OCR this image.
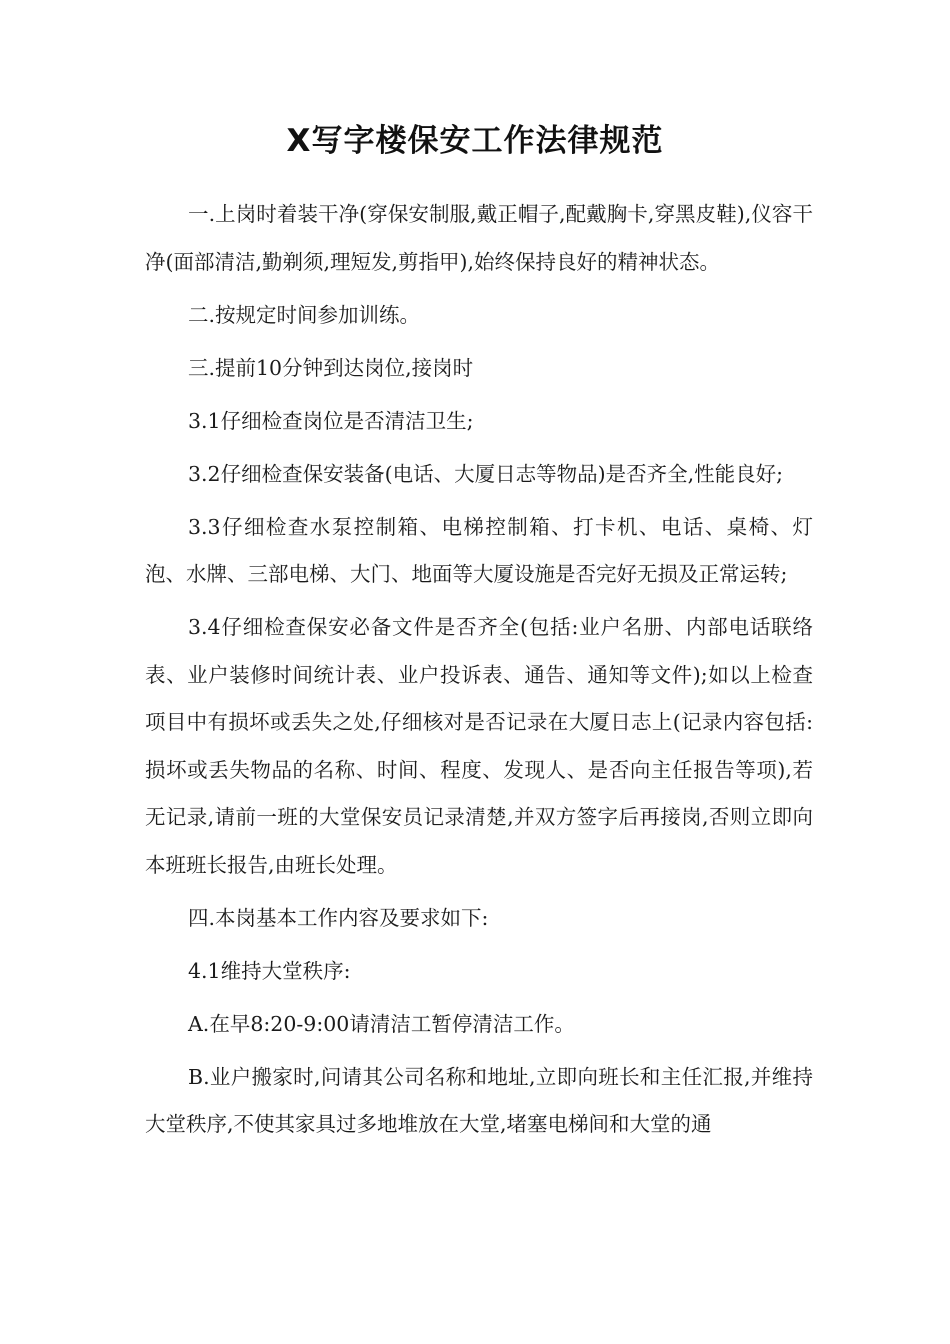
X写字楼保安工作法律规范

一.上岗时着装干净(穿保安制服,戴正帽子,配戴胸卡,穿黑皮鞋),仪容干净(面部清洁,勤剃须,理短发,剪指甲),始终保持良好的精神状态。

二.按规定时间参加训练。

三.提前10分钟到达岗位,接岗时

3.1仔细检查岗位是否清洁卫生;

3.2仔细检查保安装备(电话、大厦日志等物品)是否齐全,性能良好;

3.3仔细检查水泵控制箱、电梯控制箱、打卡机、电话、桌椅、灯泡、水牌、三部电梯、大门、地面等大厦设施是否完好无损及正常运转;

3.4仔细检查保安必备文件是否齐全(包括:业户名册、内部电话联络表、业户装修时间统计表、业户投诉表、通告、通知等文件);如以上检查项目中有损坏或丢失之处,仔细核对是否记录在大厦日志上(记录内容包括:损坏或丢失物品的名称、时间、程度、发现人、是否向主任报告等项),若无记录,请前一班的大堂保安员记录清楚,并双方签字后再接岗,否则立即向本班班长报告,由班长处理。

四.本岗基本工作内容及要求如下:

4.1维持大堂秩序:

A.在早8:20-9:00请清洁工暂停清洁工作。

B.业户搬家时,问请其公司名称和地址,立即向班长和主任汇报,并维持大堂秩序,不使其家具过多地堆放在大堂,堵塞电梯间和大堂的通
